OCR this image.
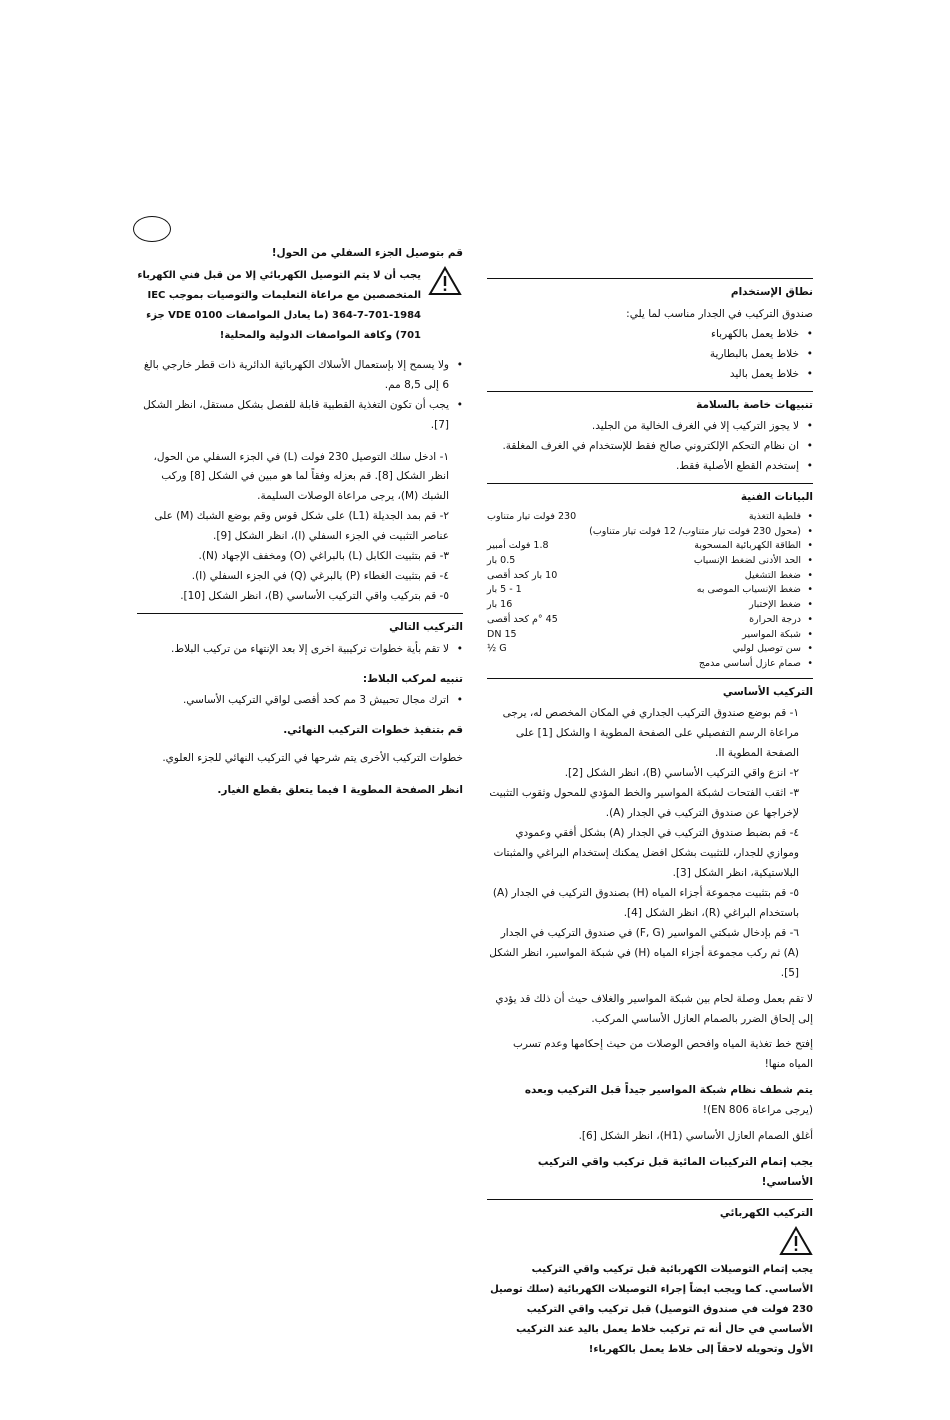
قم بتوصيل الجزء السفلي من الحول!
يجب أن لا يتم التوصيل الكهربائي إلا من قبل فني الكهرباء المتخصصين مع مراعاة التعليمات والتوصيات بموجب IEC 364-7-701-1984 (ما يعادل المواصفات VDE 0100 جزء 701) وكافة المواصفات الدولية والمحلية!
• ولا يسمح إلا بإستعمال الأسلاك الكهربائية الدائرية ذات قطر خارجي بالغ 6 إلى 8,5 مم.
• يجب أن تكون التغذية القطبية قابلة للفصل بشكل مستقل، انظر الشكل [7].
١- ادخل سلك التوصيل 230 فولت (L) في الجزء السفلي من الحول، انظر الشكل [8]. قم بعزله وفقاً لما هو مبين في الشكل [8] وركب الشبك (M)، يرجى مراعاة الوصلات السليمة.
٢- قم بمد الجديلة (L1) على شكل قوس وقم بوضع الشبك (M) على عناصر التثبيت في الجزء السفلي (I)، انظر الشكل [9].
٣- قم بتثبيت الكابل (L) بالبراغي (O) ومخفف الإجهاد (N).
٤- قم بتثبيت الغطاء (P) بالبرغي (Q) في الجزء السفلي (I).
٥- قم بتركيب واقي التركيب الأساسي (B)، انظر الشكل [10].
التركيب التالي
• لا تقم بأية خطوات تركيبية اخرى إلا بعد الإنتهاء من تركيب البلاط.
تنبيه لمركب البلاط:
• اترك مجال تحبيش 3 مم كحد أقصى لواقي التركيب الأساسي.
قم بتنفيذ خطوات التركيب النهائي.

خطوات التركيب الأخرى يتم شرحها في التركيب النهائي للجزء العلوي.

انظر الصفحة المطوية I فيما يتعلق بقطع الغيار.

نطاق الإستخدام

صندوق التركيب في الجدار مناسب لما يلي:

• خلاط يعمل بالكهرباء
• خلاط يعمل بالبطارية
• خلاط يعمل باليد
تنبيهات خاصة بالسلامة
• لا يجوز التركيب إلا في الغرف الخالية من الجليد.
• ان نظام التحكم الإلكتروني صالح فقط للإستخدام في الغرف المغلقة.
• إستخدم القطع الأصلية فقط.
البيانات الفنية
• فلطية التغذية
230 فولت تيار متناوب
• (محول 230 فولت تيار متناوب/ 12 فولت تيار متناوب)
• الطاقة الكهربائية المسحوبة
1.8 فولت أمبير
• الحد الأدنى لضغط الإنسياب
0.5 بار
• ضغط التشغيل
10 بار كحد أقصى
• ضغط الإنسياب الموصى به
1 - 5 بار
• ضغط الإختبار
16 بار
• درجة الحرارة
45 °م كحد أقصى
• شبكة المواسير
DN 15
• سن توصيل لولبي
G ½
• صمام عازل أساسي مدمج
التركيب الأساسي
١- قم بوضع صندوق التركيب الجداري في المكان المخصص له، يرجى مراعاة الرسم التفصيلي على الصفحة المطوية I والشكل [1] على الصفحة المطوية II.
٢- انزع واقي التركيب الأساسي (B)، انظر الشكل [2].
٣- اثقب الفتحات لشبكة المواسير والخط المؤدي للمحول وثقوب التثبيت لإخراجها عن صندوق التركيب في الجدار (A).
٤- قم بضبط صندوق التركيب في الجدار (A) بشكل أفقي وعمودي وموازي للجدار، للتثبيت بشكل افضل يمكنك إستخدام البراغي والمثبتات البلاستيكية، انظر الشكل [3].
٥- قم بتثبيت مجموعة أجزاء المياه (H) بصندوق التركيب في الجدار (A) باستخدام البراغي (R)، انظر الشكل [4].
٦- قم بإدخال شبكتي المواسير (F, G) في صندوق التركيب في الجدار (A) ثم ركب مجموعة أجزاء المياه (H) في شبكة المواسير، انظر الشكل [5].

لا تقم بعمل وصلة لحام بين شبكة المواسير والغلاف حيث أن ذلك قد يؤدي إلى إلحاق الضرر بالصمام العازل الأساسي المركب.

إفتح خط تغذية المياه وافحص الوصلات من حيث إحكامها وعدم تسرب المياه منها!

يتم شطف نظام شبكة المواسير جيداً قبل التركيب وبعده
(يرجى مراعاة EN 806)!

أغلق الصمام العازل الأساسي (H1)، انظر الشكل [6].

يجب إتمام التركيبات المائية قبل تركيب واقي التركيب الأساسي!

التركيب الكهربائي

يجب إتمام التوصيلات الكهربائية قبل تركيب واقي التركيب الأساسي. كما ويجب ايضاً إجراء التوصيلات الكهربائية (سلك توصيل 230 فولت في صندوق التوصيل) قبل تركيب واقي التركيب الأساسي في حال أنه تم تركيب خلاط يعمل باليد عند التركيب الأول وتحويله لاحقاً إلى خلاط يعمل بالكهرباء!
